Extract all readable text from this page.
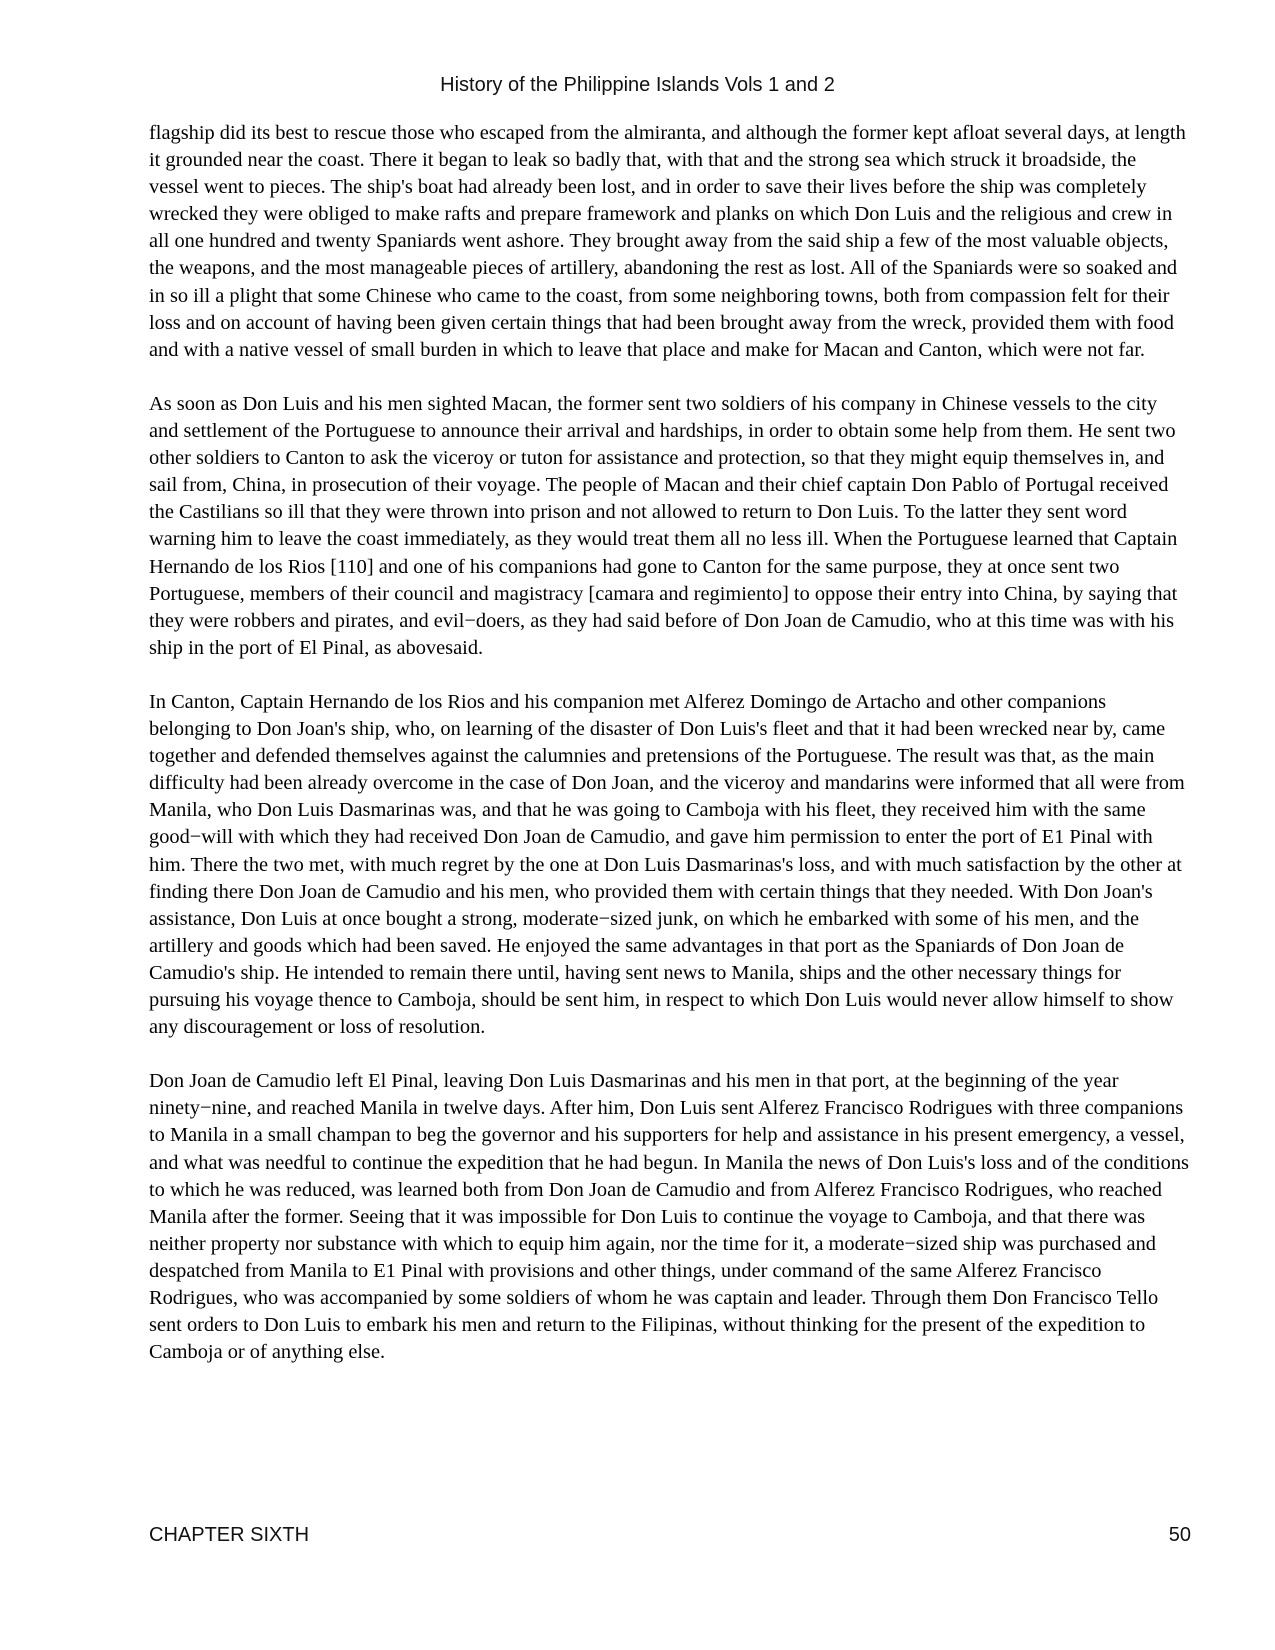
History of the Philippine Islands Vols 1 and 2

flagship did its best to rescue those who escaped from the almiranta, and although the former kept afloat several days, at length it grounded near the coast. There it began to leak so badly that, with that and the strong sea which struck it broadside, the vessel went to pieces. The ship's boat had already been lost, and in order to save their lives before the ship was completely wrecked they were obliged to make rafts and prepare framework and planks on which Don Luis and the religious and crew in all one hundred and twenty Spaniards went ashore. They brought away from the said ship a few of the most valuable objects, the weapons, and the most manageable pieces of artillery, abandoning the rest as lost. All of the Spaniards were so soaked and in so ill a plight that some Chinese who came to the coast, from some neighboring towns, both from compassion felt for their loss and on account of having been given certain things that had been brought away from the wreck, provided them with food and with a native vessel of small burden in which to leave that place and make for Macan and Canton, which were not far.

As soon as Don Luis and his men sighted Macan, the former sent two soldiers of his company in Chinese vessels to the city and settlement of the Portuguese to announce their arrival and hardships, in order to obtain some help from them. He sent two other soldiers to Canton to ask the viceroy or tuton for assistance and protection, so that they might equip themselves in, and sail from, China, in prosecution of their voyage. The people of Macan and their chief captain Don Pablo of Portugal received the Castilians so ill that they were thrown into prison and not allowed to return to Don Luis. To the latter they sent word warning him to leave the coast immediately, as they would treat them all no less ill. When the Portuguese learned that Captain Hernando de los Rios [110] and one of his companions had gone to Canton for the same purpose, they at once sent two Portuguese, members of their council and magistracy [camara and regimiento] to oppose their entry into China, by saying that they were robbers and pirates, and evil−doers, as they had said before of Don Joan de Camudio, who at this time was with his ship in the port of El Pinal, as abovesaid.

In Canton, Captain Hernando de los Rios and his companion met Alferez Domingo de Artacho and other companions belonging to Don Joan's ship, who, on learning of the disaster of Don Luis's fleet and that it had been wrecked near by, came together and defended themselves against the calumnies and pretensions of the Portuguese. The result was that, as the main difficulty had been already overcome in the case of Don Joan, and the viceroy and mandarins were informed that all were from Manila, who Don Luis Dasmarinas was, and that he was going to Camboja with his fleet, they received him with the same good−will with which they had received Don Joan de Camudio, and gave him permission to enter the port of E1 Pinal with him. There the two met, with much regret by the one at Don Luis Dasmarinas's loss, and with much satisfaction by the other at finding there Don Joan de Camudio and his men, who provided them with certain things that they needed. With Don Joan's assistance, Don Luis at once bought a strong, moderate−sized junk, on which he embarked with some of his men, and the artillery and goods which had been saved. He enjoyed the same advantages in that port as the Spaniards of Don Joan de Camudio's ship. He intended to remain there until, having sent news to Manila, ships and the other necessary things for pursuing his voyage thence to Camboja, should be sent him, in respect to which Don Luis would never allow himself to show any discouragement or loss of resolution.

Don Joan de Camudio left El Pinal, leaving Don Luis Dasmarinas and his men in that port, at the beginning of the year ninety−nine, and reached Manila in twelve days. After him, Don Luis sent Alferez Francisco Rodrigues with three companions to Manila in a small champan to beg the governor and his supporters for help and assistance in his present emergency, a vessel, and what was needful to continue the expedition that he had begun. In Manila the news of Don Luis's loss and of the conditions to which he was reduced, was learned both from Don Joan de Camudio and from Alferez Francisco Rodrigues, who reached Manila after the former. Seeing that it was impossible for Don Luis to continue the voyage to Camboja, and that there was neither property nor substance with which to equip him again, nor the time for it, a moderate−sized ship was purchased and despatched from Manila to E1 Pinal with provisions and other things, under command of the same Alferez Francisco Rodrigues, who was accompanied by some soldiers of whom he was captain and leader. Through them Don Francisco Tello sent orders to Don Luis to embark his men and return to the Filipinas, without thinking for the present of the expedition to Camboja or of anything else.

CHAPTER SIXTH	50
